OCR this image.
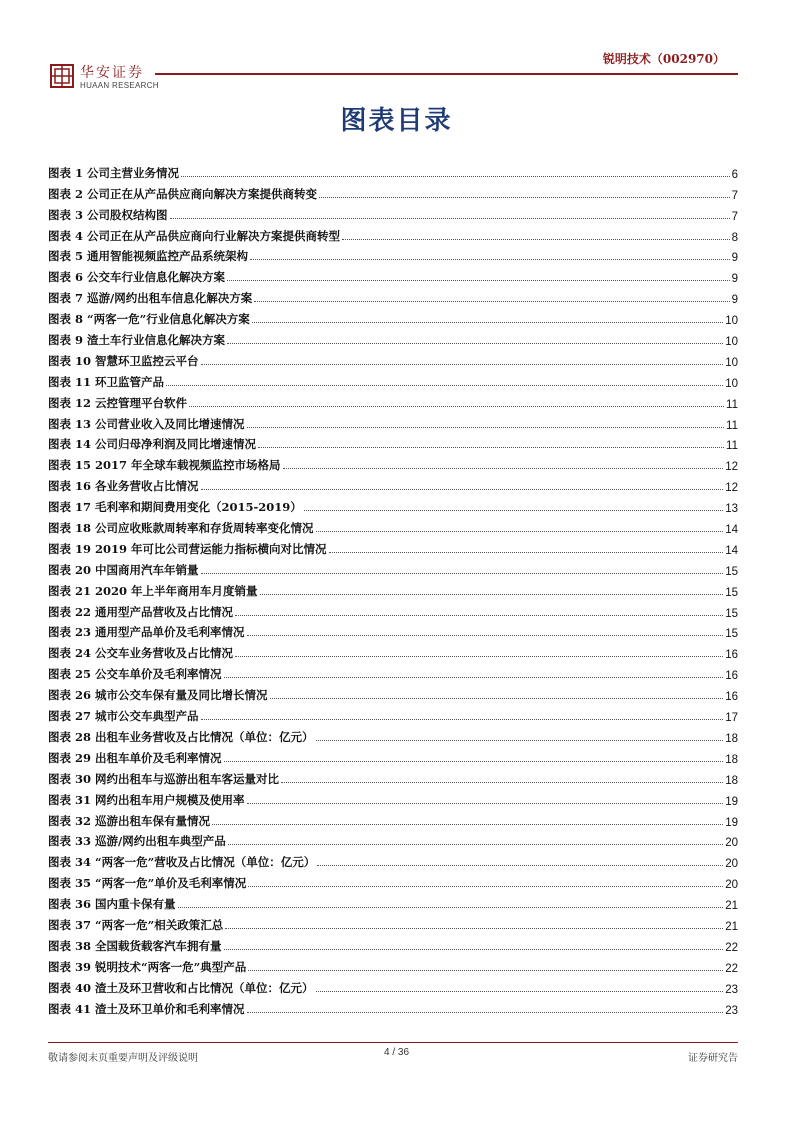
华安证券
HUAAN RESEARCH
锐明技术（002970）
图表目录
图表 1 公司主营业务情况	6
图表 2 公司正在从产品供应商向解决方案提供商转变	7
图表 3 公司股权结构图	7
图表 4 公司正在从产品供应商向行业解决方案提供商转型	8
图表 5 通用智能视频监控产品系统架构	9
图表 6 公交车行业信息化解决方案	9
图表 7 巡游/网约出租车信息化解决方案	9
图表 8 “两客一危”行业信息化解决方案	10
图表 9 渣土车行业信息化解决方案	10
图表 10 智慧环卫监控云平台	10
图表 11 环卫监管产品	10
图表 12 云控管理平台软件	11
图表 13 公司营业收入及同比增速情况	11
图表 14 公司归母净利润及同比增速情况	11
图表 15 2017 年全球车载视频监控市场格局	12
图表 16 各业务营收占比情况	12
图表 17 毛利率和期间费用变化（2015-2019）	13
图表 18 公司应收账款周转率和存货周转率变化情况	14
图表 19 2019 年可比公司营运能力指标横向对比情况	14
图表 20 中国商用汽车年销量	15
图表 21 2020 年上半年商用车月度销量	15
图表 22 通用型产品营收及占比情况	15
图表 23 通用型产品单价及毛利率情况	15
图表 24 公交车业务营收及占比情况	16
图表 25 公交车单价及毛利率情况	16
图表 26 城市公交车保有量及同比增长情况	16
图表 27 城市公交车典型产品	17
图表 28 出租车业务营收及占比情况（单位：亿元）	18
图表 29 出租车单价及毛利率情况	18
图表 30 网约出租车与巡游出租车客运量对比	18
图表 31 网约出租车用户规模及使用率	19
图表 32 巡游出租车保有量情况	19
图表 33 巡游/网约出租车典型产品	20
图表 34 “两客一危”营收及占比情况（单位：亿元）	20
图表 35 “两客一危”单价及毛利率情况	20
图表 36 国内重卡保有量	21
图表 37 “两客一危”相关政策汇总	21
图表 38 全国载货载客汽车拥有量	22
图表 39 锐明技术“两客一危”典型产品	22
图表 40 渣土及环卫营收和占比情况（单位：亿元）	23
图表 41 渣土及环卫单价和毛利率情况	23
敬请参阅末页重要声明及评级说明
4 / 36
证券研究告
